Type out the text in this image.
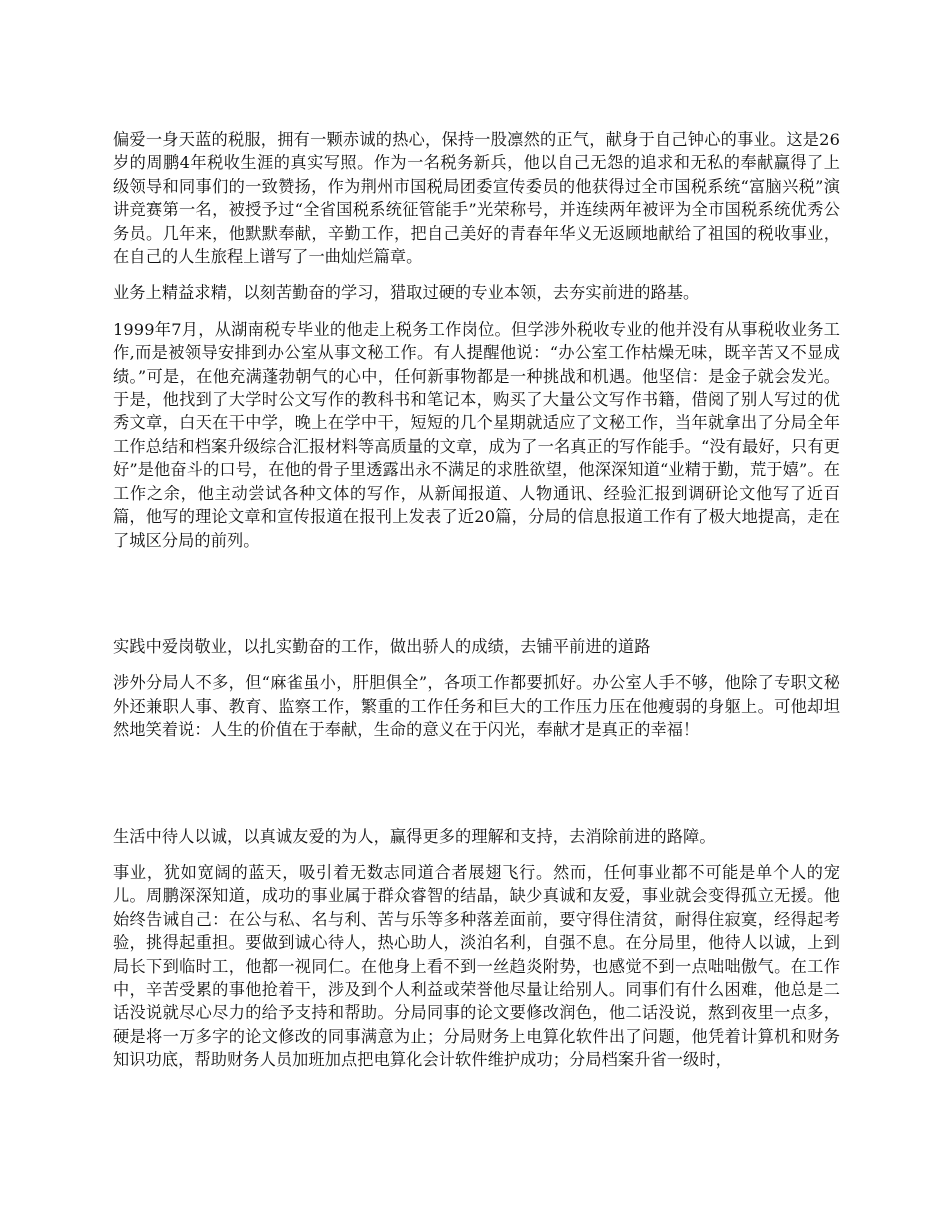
偏爱一身天蓝的税服，拥有一颗赤诚的热心，保持一股凛然的正气，献身于自己钟心的事业。这是26岁的周鹏4年税收生涯的真实写照。作为一名税务新兵，他以自己无怨的追求和无私的奉献赢得了上级领导和同事们的一致赞扬，作为荆州市国税局团委宣传委员的他获得过全市国税系统“富脑兴税”演讲竞赛第一名，被授予过“全省国税系统征管能手”光荣称号，并连续两年被评为全市国税系统优秀公务员。几年来，他默默奉献，辛勤工作，把自己美好的青春年华义无返顾地献给了祖国的税收事业，在自己的人生旅程上谱写了一曲灿烂篇章。

业务上精益求精，以刻苦勤奋的学习，猎取过硬的专业本领，去夯实前进的路基。

1999年7月，从湖南税专毕业的他走上税务工作岗位。但学涉外税收专业的他并没有从事税收业务工作,而是被领导安排到办公室从事文秘工作。有人提醒他说：“办公室工作枯燥无味，既辛苦又不显成绩。”可是，在他充满蓬勃朝气的心中，任何新事物都是一种挑战和机遇。他坚信：是金子就会发光。于是，他找到了大学时公文写作的教科书和笔记本，购买了大量公文写作书籍，借阅了别人写过的优秀文章，白天在干中学，晚上在学中干，短短的几个星期就适应了文秘工作，当年就拿出了分局全年工作总结和档案升级综合汇报材料等高质量的文章，成为了一名真正的写作能手。“没有最好，只有更好”是他奋斗的口号，在他的骨子里透露出永不满足的求胜欲望，他深深知道“业精于勤，荒于嬉”。在工作之余，他主动尝试各种文体的写作，从新闻报道、人物通讯、经验汇报到调研论文他写了近百篇，他写的理论文章和宣传报道在报刊上发表了近20篇，分局的信息报道工作有了极大地提高，走在了城区分局的前列。

实践中爱岗敬业，以扎实勤奋的工作，做出骄人的成绩，去铺平前进的道路

涉外分局人不多，但“麻雀虽小，肝胆俱全”，各项工作都要抓好。办公室人手不够，他除了专职文秘外还兼职人事、教育、监察工作，繁重的工作任务和巨大的工作压力压在他瘦弱的身躯上。可他却坦然地笑着说：人生的价值在于奉献，生命的意义在于闪光，奉献才是真正的幸福！

生活中待人以诚，以真诚友爱的为人，赢得更多的理解和支持，去消除前进的路障。

事业，犹如宽阔的蓝天，吸引着无数志同道合者展翅飞行。然而，任何事业都不可能是单个人的宠儿。周鹏深深知道，成功的事业属于群众睿智的结晶，缺少真诚和友爱，事业就会变得孤立无援。他始终告诫自己：在公与私、名与利、苦与乐等多种落差面前，要守得住清贫，耐得住寂寞，经得起考验，挑得起重担。要做到诚心待人，热心助人，淡泊名利，自强不息。在分局里，他待人以诚，上到局长下到临时工，他都一视同仁。在他身上看不到一丝趋炎附势，也感觉不到一点咄咄傲气。在工作中，辛苦受累的事他抢着干，涉及到个人利益或荣誉他尽量让给别人。同事们有什么困难，他总是二话没说就尽心尽力的给予支持和帮助。分局同事的论文要修改润色，他二话没说，熬到夜里一点多，硬是将一万多字的论文修改的同事满意为止；分局财务上电算化软件出了问题，他凭着计算机和财务知识功底，帮助财务人员加班加点把电算化会计软件维护成功；分局档案升省一级时，
